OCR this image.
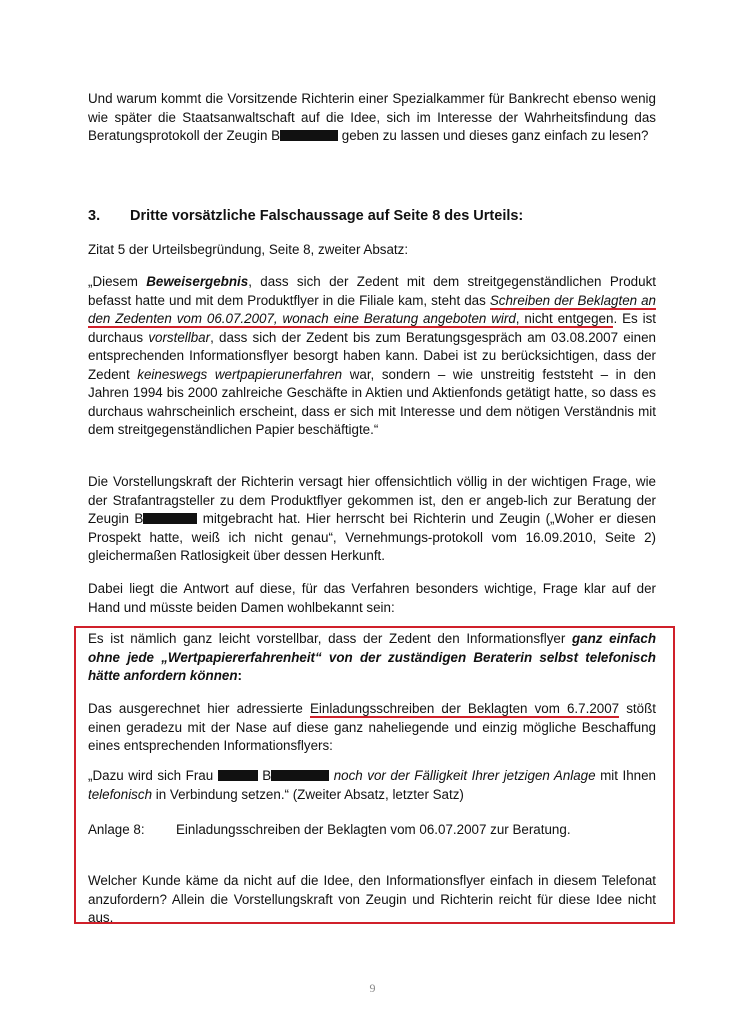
Und warum kommt die Vorsitzende Richterin einer Spezialkammer für Bankrecht ebenso wenig wie später die Staatsanwaltschaft auf die Idee, sich im Interesse der Wahrheitsfindung das Beratungsprotokoll der Zeugin B	geben zu lassen und dieses ganz einfach zu lesen?
3. Dritte vorsätzliche Falschaussage auf Seite 8 des Urteils:
Zitat 5 der Urteilsbegründung, Seite 8, zweiter Absatz:
„Diesem Beweisergebnis, dass sich der Zedent mit dem streitgegenständlichen Produkt befasst hatte und mit dem Produktflyer in die Filiale kam, steht das Schreiben der Beklagten an den Zedenten vom 06.07.2007, wonach eine Beratung angeboten wird, nicht entgegen. Es ist durchaus vorstellbar, dass sich der Zedent bis zum Beratungsgespräch am 03.08.2007 einen entsprechenden Informationsflyer besorgt haben kann. Dabei ist zu berücksichtigen, dass der Zedent keineswegs wertpapierunerfahren war, sondern – wie unstreitig feststeht – in den Jahren 1994 bis 2000 zahlreiche Geschäfte in Aktien und Aktienfonds getätigt hatte, so dass es durchaus wahrscheinlich erscheint, dass er sich mit Interesse und dem nötigen Verständnis mit dem streitgegenständlichen Papier beschäftigte.“
Die Vorstellungskraft der Richterin versagt hier offensichtlich völlig in der wichtigen Frage, wie der Strafantragsteller zu dem Produktflyer gekommen ist, den er angeb-lich zur Beratung der Zeugin B	mitgebracht hat. Hier herrscht bei Richterin und Zeugin („Woher er diesen Prospekt hatte, weiß ich nicht genau“, Vernehmungs-protokoll vom 16.09.2010, Seite 2) gleichermaßen Ratlosigkeit über dessen Herkunft.
Dabei liegt die Antwort auf diese, für das Verfahren besonders wichtige, Frage klar auf der Hand und müsste beiden Damen wohlbekannt sein:
Es ist nämlich ganz leicht vorstellbar, dass der Zedent den Informationsflyer ganz einfach ohne jede „Wertpapiererfahrenheit“ von der zuständigen Beraterin selbst telefonisch hätte anfordern können:
Das ausgerechnet hier adressierte Einladungsschreiben der Beklagten vom 6.7.2007 stößt einen geradezu mit der Nase auf diese ganz naheliegende und einzig mögliche Beschaffung eines entsprechenden Informationsflyers:
„Dazu wird sich Frau	B	noch vor der Fälligkeit Ihrer jetzigen Anlage mit Ihnen telefonisch in Verbindung setzen.“ (Zweiter Absatz, letzter Satz)
Anlage 8: Einladungsschreiben der Beklagten vom 06.07.2007 zur Beratung.
Welcher Kunde käme da nicht auf die Idee, den Informationsflyer einfach in diesem Telefonat anzufordern? Allein die Vorstellungskraft von Zeugin und Richterin reicht für diese Idee nicht aus.
9
